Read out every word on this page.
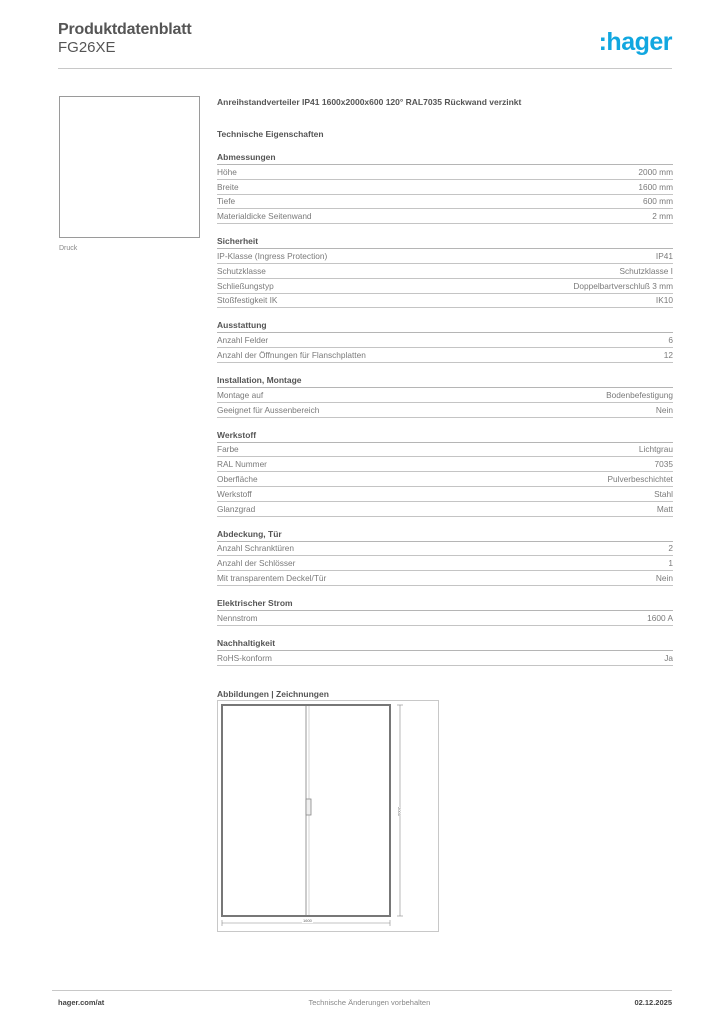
Produktdatenblatt
FG26XE	:hager
Druck
Anreihstandverteiler IP41 1600x2000x600 120° RAL7035 Rückwand verzinkt
Technische Eigenschaften
Abmessungen
Höhe	2000 mm
Breite	1600 mm
Tiefe	600 mm
Materialdicke Seitenwand	2 mm
Sicherheit
IP-Klasse (Ingress Protection)	IP41
Schutzklasse	Schutzklasse I
Schließungstyp	Doppelbartverschluß 3 mm
Stoßfestigkeit IK	IK10
Ausstattung
Anzahl Felder	6
Anzahl der Öffnungen für Flanschplatten	12
Installation, Montage
Montage auf	Bodenbefestigung
Geeignet für Aussenbereich	Nein
Werkstoff
Farbe	Lichtgrau
RAL Nummer	7035
Oberfläche	Pulverbeschichtet
Werkstoff	Stahl
Glanzgrad	Matt
Abdeckung, Tür
Anzahl Schranktüren	2
Anzahl der Schlösser	1
Mit transparentem Deckel/Tür	Nein
Elektrischer Strom
Nennstrom	1600 A
Nachhaltigkeit
RoHS-konform	Ja
Abbildungen | Zeichnungen
1600
2000
hager.com/at	Technische Änderungen vorbehalten	02.12.2025
